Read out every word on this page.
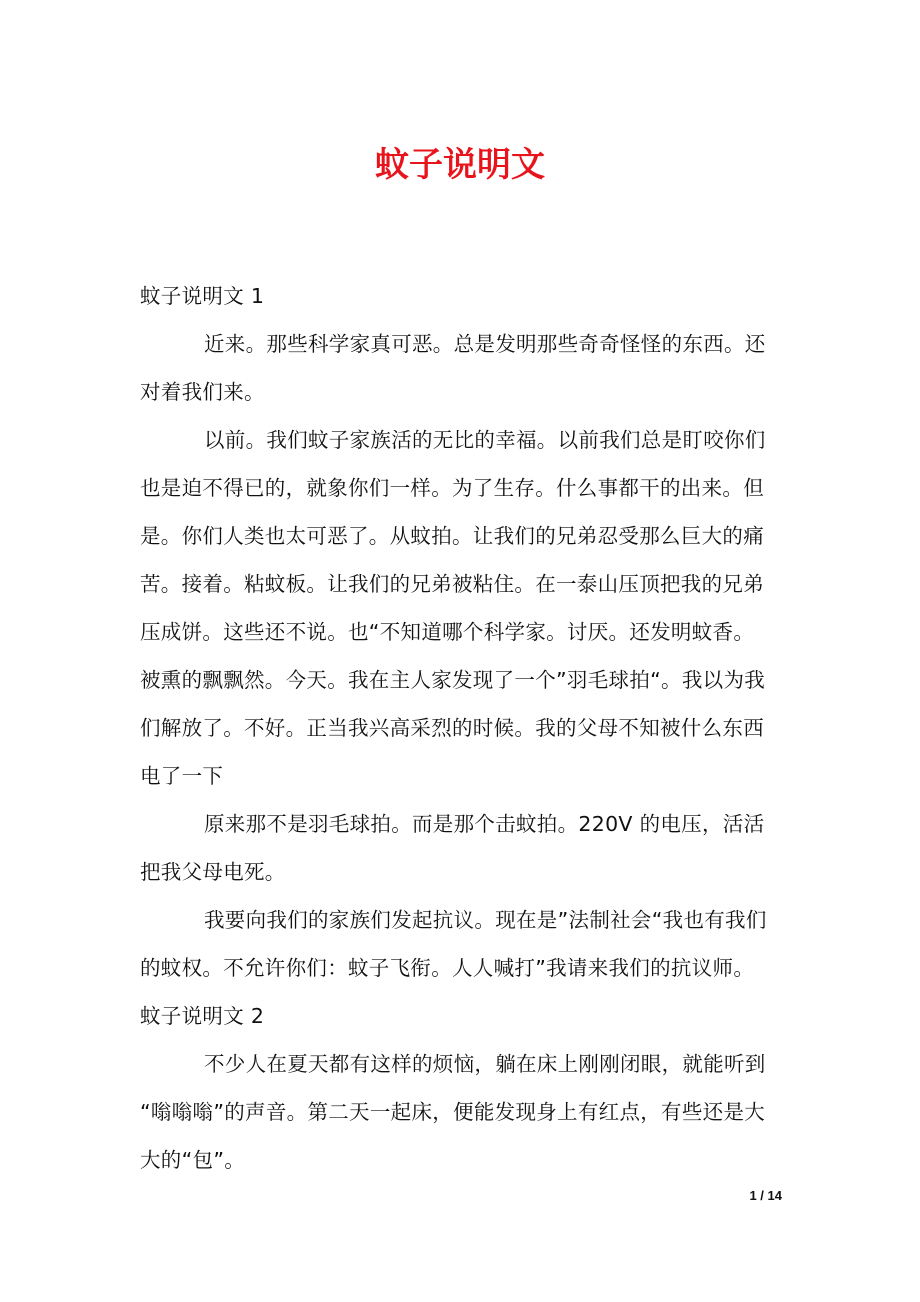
蚊子说明文
蚊子说明文 1
近来。那些科学家真可恶。总是发明那些奇奇怪怪的东西。还
对着我们来。
以前。我们蚊子家族活的无比的幸福。以前我们总是盯咬你们
也是迫不得已的，就象你们一样。为了生存。什么事都干的出来。但
是。你们人类也太可恶了。从蚊拍。让我们的兄弟忍受那么巨大的痛
苦。接着。粘蚊板。让我们的兄弟被粘住。在一泰山压顶把我的兄弟
压成饼。这些还不说。也“不知道哪个科学家。讨厌。还发明蚊香。
被熏的飘飘然。今天。我在主人家发现了一个”羽毛球拍“。我以为我
们解放了。不好。正当我兴高采烈的时候。我的父母不知被什么东西
电了一下
原来那不是羽毛球拍。而是那个击蚊拍。220V 的电压，活活
把我父母电死。
我要向我们的家族们发起抗议。现在是”法制社会“我也有我们
的蚊权。不允许你们：蚊子飞衔。人人喊打”我请来我们的抗议师。
蚊子说明文 2
不少人在夏天都有这样的烦恼，躺在床上刚刚闭眼，就能听到
“嗡嗡嗡”的声音。第二天一起床，便能发现身上有红点，有些还是大
大的“包”。
1 / 14
